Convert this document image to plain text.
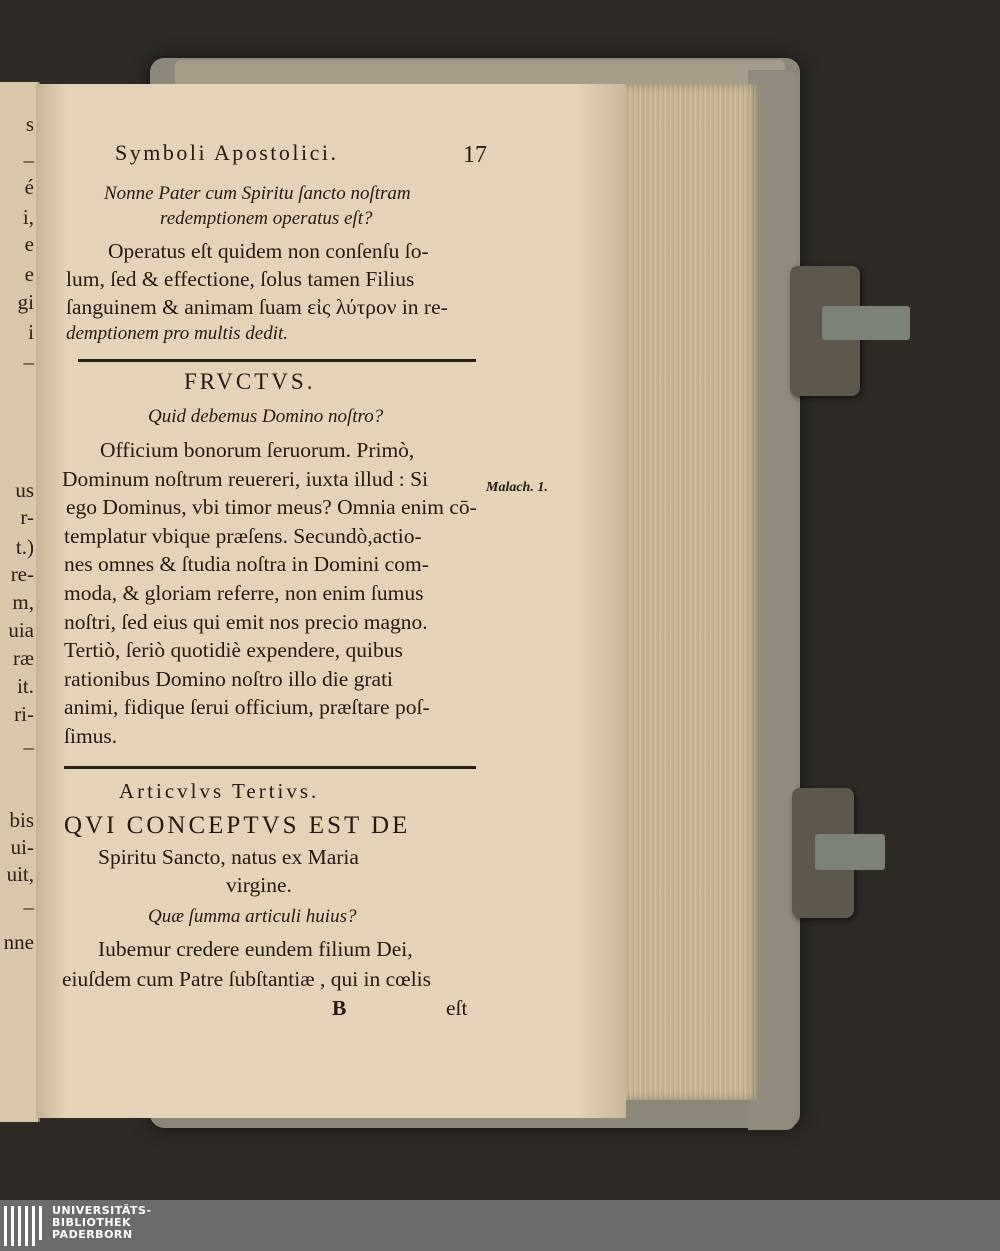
s
–
é
i,
e
e
gi
i
–
us
r-
t.)
re-
m,
uia
ræ
it.
ri-
–
bis
ui-
uit,
–
nne
Symboli Apostolici.	17
Nonne Pater cum Spiritu ſancto noſtram
redemptionem operatus eſt?
Operatus eſt quidem non conſenſu ſo-
lum, ſed & effectione, ſolus tamen Filius
ſanguinem & animam ſuam εἰς λύτρον in re-
demptionem pro multis dedit.
FRVCTVS.
Quid debemus Domino noſtro?
Officium bonorum ſeruorum. Primò,
Dominum noſtrum reuereri, iuxta illud : Si
ego Dominus, vbi timor meus? Omnia enim cō-
templatur vbique præſens. Secundò,actio-
nes omnes & ſtudia noſtra in Domini com-
moda, & gloriam referre, non enim ſumus
noſtri, ſed eius qui emit nos precio magno.
Tertiò, ſeriò quotidiè expendere, quibus
rationibus Domino noſtro illo die grati
animi, fidique ſerui officium, præſtare poſ-
ſimus.
Malach. 1.
Articvlvs Tertivs.
QVI CONCEPTVS EST DE
Spiritu Sancto, natus ex Maria
virgine.
Quæ ſumma articuli huius?
Iubemur credere eundem filium Dei,
eiuſdem cum Patre ſubſtantiæ , qui in cœlis
B	eſt
UNIVERSITÄTS-
BIBLIOTHEK
PADERBORN
